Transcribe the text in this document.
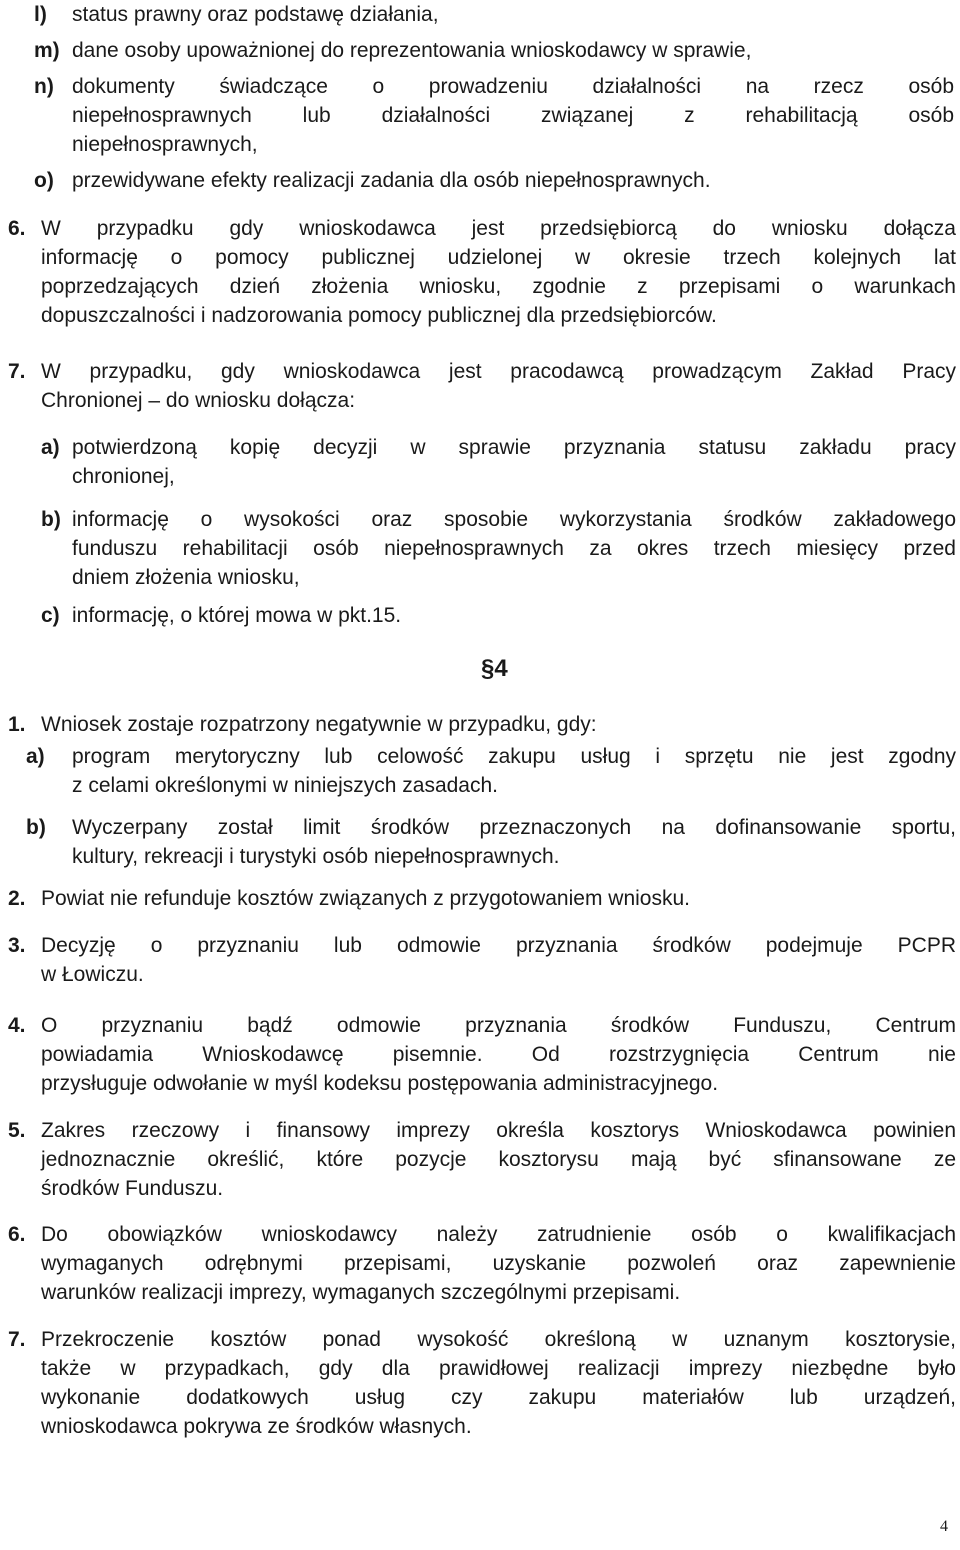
l) status prawny oraz podstawę działania,
m) dane osoby upoważnionej do reprezentowania wnioskodawcy w sprawie,
n) dokumenty świadczące o prowadzeniu działalności na rzecz osób
niepełnosprawnych lub działalności związanej z rehabilitacją osób
niepełnosprawnych,
o) przewidywane efekty realizacji zadania dla osób niepełnosprawnych.
6. W przypadku gdy wnioskodawca jest przedsiębiorcą do wniosku dołącza
informację o pomocy publicznej udzielonej w okresie trzech kolejnych lat
poprzedzających dzień złożenia wniosku, zgodnie z przepisami o warunkach
dopuszczalności i nadzorowania pomocy publicznej dla przedsiębiorców.
7. W przypadku, gdy wnioskodawca jest pracodawcą prowadzącym Zakład Pracy
Chronionej – do wniosku dołącza:
a) potwierdzoną kopię decyzji w sprawie przyznania statusu zakładu pracy
chronionej,
b) informację o wysokości oraz sposobie wykorzystania środków zakładowego
funduszu rehabilitacji osób niepełnosprawnych za okres trzech miesięcy przed
dniem złożenia wniosku,
c) informację, o której mowa w pkt.15.
§4
1. Wniosek zostaje rozpatrzony negatywnie w przypadku, gdy:
a) program merytoryczny lub celowość zakupu usług i sprzętu nie jest zgodny
z celami określonymi w niniejszych zasadach.
b) Wyczerpany został limit środków przeznaczonych na dofinansowanie sportu,
kultury, rekreacji i turystyki osób niepełnosprawnych.
2. Powiat nie refunduje kosztów związanych z przygotowaniem wniosku.
3. Decyzję o przyznaniu lub odmowie przyznania środków podejmuje PCPR
w Łowiczu.
4. O przyznaniu bądź odmowie przyznania środków Funduszu, Centrum
powiadamia Wnioskodawcę pisemnie. Od rozstrzygnięcia Centrum nie
przysługuje odwołanie w myśl kodeksu postępowania administracyjnego.
5. Zakres rzeczowy i finansowy imprezy określa kosztorys Wnioskodawca powinien
jednoznacznie określić, które pozycje kosztorysu mają być sfinansowane ze
środków Funduszu.
6. Do obowiązków wnioskodawcy należy zatrudnienie osób o kwalifikacjach
wymaganych odrębnymi przepisami, uzyskanie pozwoleń oraz zapewnienie
warunków realizacji imprezy, wymaganych szczególnymi przepisami.
7. Przekroczenie kosztów ponad wysokość określoną w uznanym kosztorysie,
także w przypadkach, gdy dla prawidłowej realizacji imprezy niezbędne było
wykonanie dodatkowych usług czy zakupu materiałów lub urządzeń,
wnioskodawca pokrywa ze środków własnych.
4
